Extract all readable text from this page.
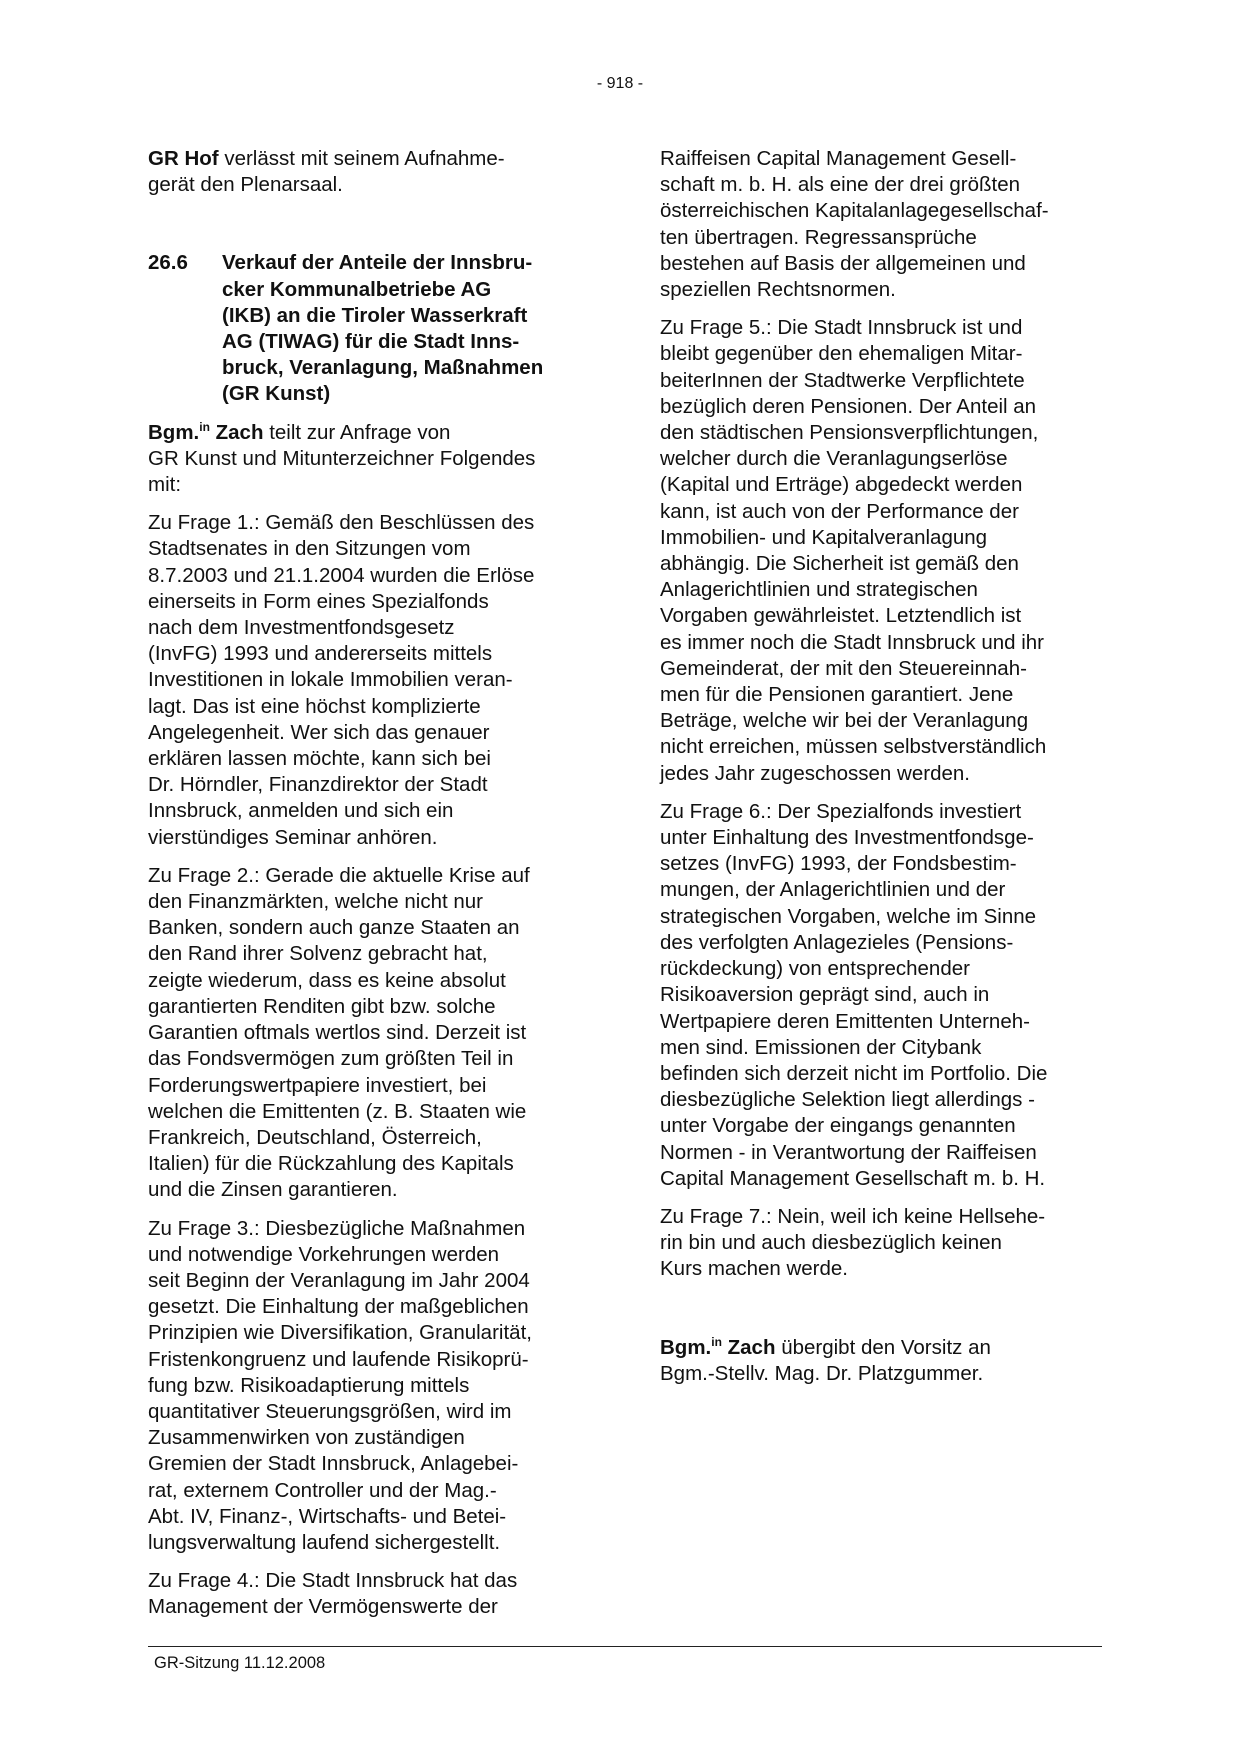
- 918 -
GR Hof verlässt mit seinem Aufnahme-
gerät den Plenarsaal.
26.6	Verkauf der Anteile der Innsbru-
cker Kommunalbetriebe AG
(IKB) an die Tiroler Wasserkraft
AG (TIWAG) für die Stadt Inns-
bruck, Veranlagung, Maßnahmen
(GR Kunst)
Bgm.$^{in}$ Zach teilt zur Anfrage von
GR Kunst und Mitunterzeichner Folgendes
mit:
Zu Frage 1.: Gemäß den Beschlüssen des
Stadtsenates in den Sitzungen vom
8.7.2003 und 21.1.2004 wurden die Erlöse
einerseits in Form eines Spezialfonds
nach dem Investmentfondsgesetz
(InvFG) 1993 und andererseits mittels
Investitionen in lokale Immobilien veran-
lagt. Das ist eine höchst komplizierte
Angelegenheit. Wer sich das genauer
erklären lassen möchte, kann sich bei
Dr. Hörndler, Finanzdirektor der Stadt
Innsbruck, anmelden und sich ein
vierstündiges Seminar anhören.
Zu Frage 2.: Gerade die aktuelle Krise auf
den Finanzmärkten, welche nicht nur
Banken, sondern auch ganze Staaten an
den Rand ihrer Solvenz gebracht hat,
zeigte wiederum, dass es keine absolut
garantierten Renditen gibt bzw. solche
Garantien oftmals wertlos sind. Derzeit ist
das Fondsvermögen zum größten Teil in
Forderungswertpapiere investiert, bei
welchen die Emittenten (z. B. Staaten wie
Frankreich, Deutschland, Österreich,
Italien) für die Rückzahlung des Kapitals
und die Zinsen garantieren.
Zu Frage 3.: Diesbezügliche Maßnahmen
und notwendige Vorkehrungen werden
seit Beginn der Veranlagung im Jahr 2004
gesetzt. Die Einhaltung der maßgeblichen
Prinzipien wie Diversifikation, Granularität,
Fristenkongruenz und laufende Risikoprü-
fung bzw. Risikoadaptierung mittels
quantitativer Steuerungsgrößen, wird im
Zusammenwirken von zuständigen
Gremien der Stadt Innsbruck, Anlagebei-
rat, externem Controller und der Mag.-
Abt. IV, Finanz-, Wirtschafts- und Betei-
lungsverwaltung laufend sichergestellt.
Zu Frage 4.: Die Stadt Innsbruck hat das
Management der Vermögenswerte der
Raiffeisen Capital Management Gesell-
schaft m. b. H. als eine der drei größten
österreichischen Kapitalanlagegesellschaf-
ten übertragen. Regressansprüche
bestehen auf Basis der allgemeinen und
speziellen Rechtsnormen.
Zu Frage 5.: Die Stadt Innsbruck ist und
bleibt gegenüber den ehemaligen Mitar-
beiterInnen der Stadtwerke Verpflichtete
bezüglich deren Pensionen. Der Anteil an
den städtischen Pensionsverpflichtungen,
welcher durch die Veranlagungserlöse
(Kapital und Erträge) abgedeckt werden
kann, ist auch von der Performance der
Immobilien- und Kapitalveranlagung
abhängig. Die Sicherheit ist gemäß den
Anlagerichtlinien und strategischen
Vorgaben gewährleistet. Letztendlich ist
es immer noch die Stadt Innsbruck und ihr
Gemeinderat, der mit den Steuereinnah-
men für die Pensionen garantiert. Jene
Beträge, welche wir bei der Veranlagung
nicht erreichen, müssen selbstverständlich
jedes Jahr zugeschossen werden.
Zu Frage 6.: Der Spezialfonds investiert
unter Einhaltung des Investmentfondsge-
setzes (InvFG) 1993, der Fondsbestim-
mungen, der Anlagerichtlinien und der
strategischen Vorgaben, welche im Sinne
des verfolgten Anlagezieles (Pensions-
rückdeckung) von entsprechender
Risikoaversion geprägt sind, auch in
Wertpapiere deren Emittenten Unterneh-
men sind. Emissionen der Citybank
befinden sich derzeit nicht im Portfolio. Die
diesbezügliche Selektion liegt allerdings -
unter Vorgabe der eingangs genannten
Normen - in Verantwortung der Raiffeisen
Capital Management Gesellschaft m. b. H.
Zu Frage 7.: Nein, weil ich keine Hellsehe-
rin bin und auch diesbezüglich keinen
Kurs machen werde.
Bgm.$^{in}$ Zach übergibt den Vorsitz an
Bgm.-Stellv. Mag. Dr. Platzgummer.
GR-Sitzung 11.12.2008
